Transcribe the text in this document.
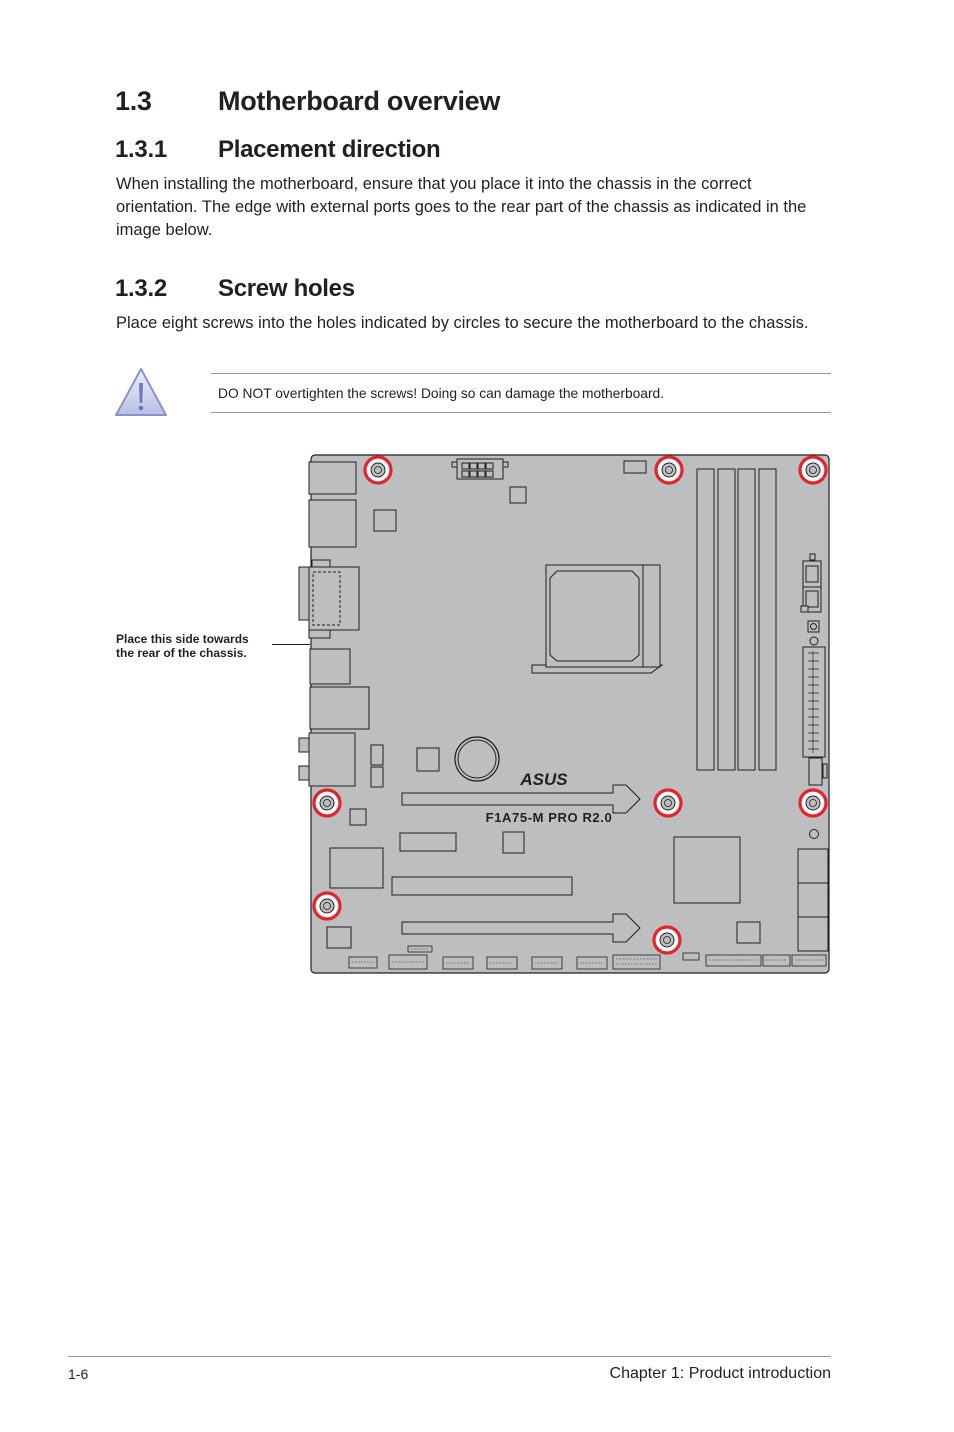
1.3 Motherboard overview
1.3.1 Placement direction
When installing the motherboard, ensure that you place it into the chassis in the correct orientation. The edge with external ports goes to the rear part of the chassis as indicated in the image below.
1.3.2 Screw holes
Place eight screws into the holes indicated by circles to secure the motherboard to the chassis.
DO NOT overtighten the screws! Doing so can damage the motherboard.
Place this side towards
the rear of the chassis.
ASUS
F1A75-M PRO R2.0
1-6	Chapter 1: Product introduction
